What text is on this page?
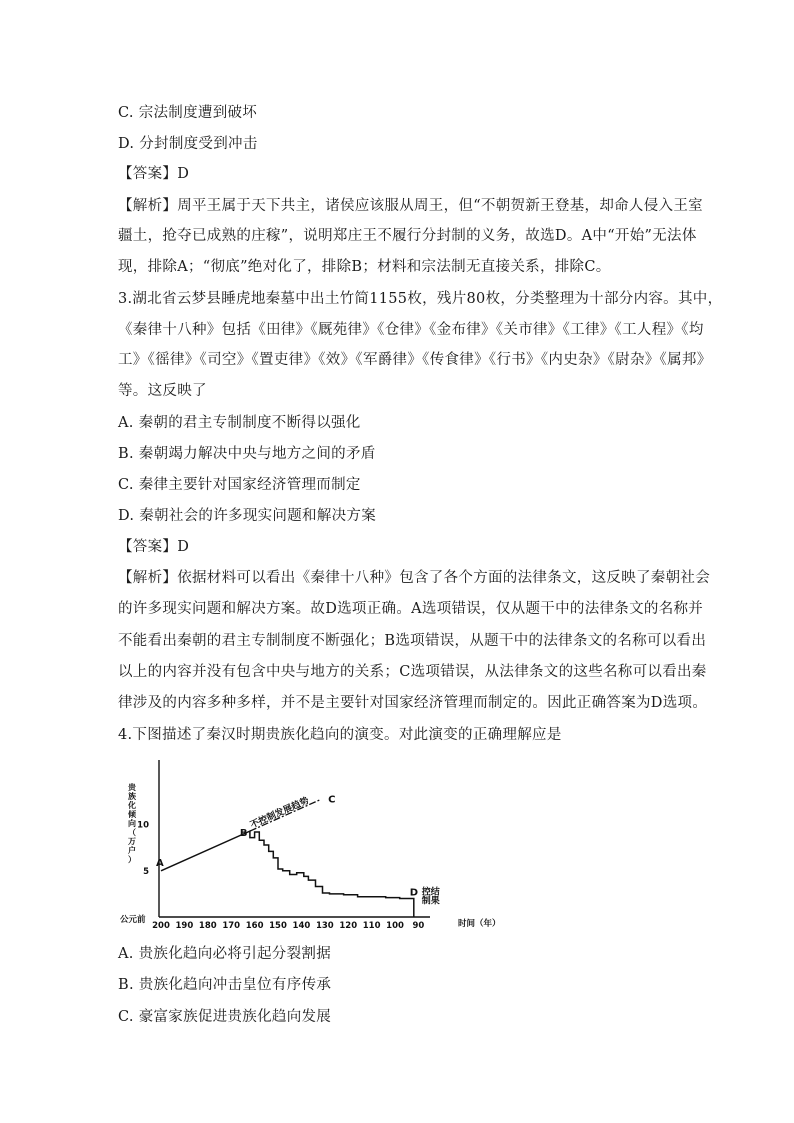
C. 宗法制度遭到破坏
D. 分封制度受到冲击
【答案】D
【解析】周平王属于天下共主，诸侯应该服从周王，但“不朝贺新王登基，却命人侵入王室
疆土，抢夺已成熟的庄稼”，说明郑庄王不履行分封制的义务，故选D。A中“开始”无法体
现，排除A；“彻底”绝对化了，排除B；材料和宗法制无直接关系，排除C。
3.湖北省云梦县睡虎地秦墓中出土竹简1155枚，残片80枚，分类整理为十部分内容。其中，
《秦律十八种》包括《田律》《厩苑律》《仓律》《金布律》《关市律》《工律》《工人程》《均
工》《徭律》《司空》《置吏律》《效》《军爵律》《传食律》《行书》《内史杂》《尉杂》《属邦》
等。这反映了
A. 秦朝的君主专制制度不断得以强化
B. 秦朝竭力解决中央与地方之间的矛盾
C. 秦律主要针对国家经济管理而制定
D. 秦朝社会的许多现实问题和解决方案
【答案】D
【解析】依据材料可以看出《秦律十八种》包含了各个方面的法律条文，这反映了秦朝社会
的许多现实问题和解决方案。故D选项正确。A选项错误，仅从题干中的法律条文的名称并
不能看出秦朝的君主专制制度不断强化；B选项错误，从题干中的法律条文的名称可以看出
以上的内容并没有包含中央与地方的关系；C选项错误，从法律条文的这些名称可以看出秦
律涉及的内容多种多样，并不是主要针对国家经济管理而制定的。因此正确答案为D选项。
4.下图描述了秦汉时期贵族化趋向的演变。对此演变的正确理解应是
贵族化倾向（万户）
5
10
200 190 180 170 160 150 140 130 120 110 100 90
公元前	时间（年）
A
B
C
D
不控制发展趋势
控
制
结
果
A. 贵族化趋向必将引起分裂割据
B. 贵族化趋向冲击皇位有序传承
C. 豪富家族促进贵族化趋向发展
